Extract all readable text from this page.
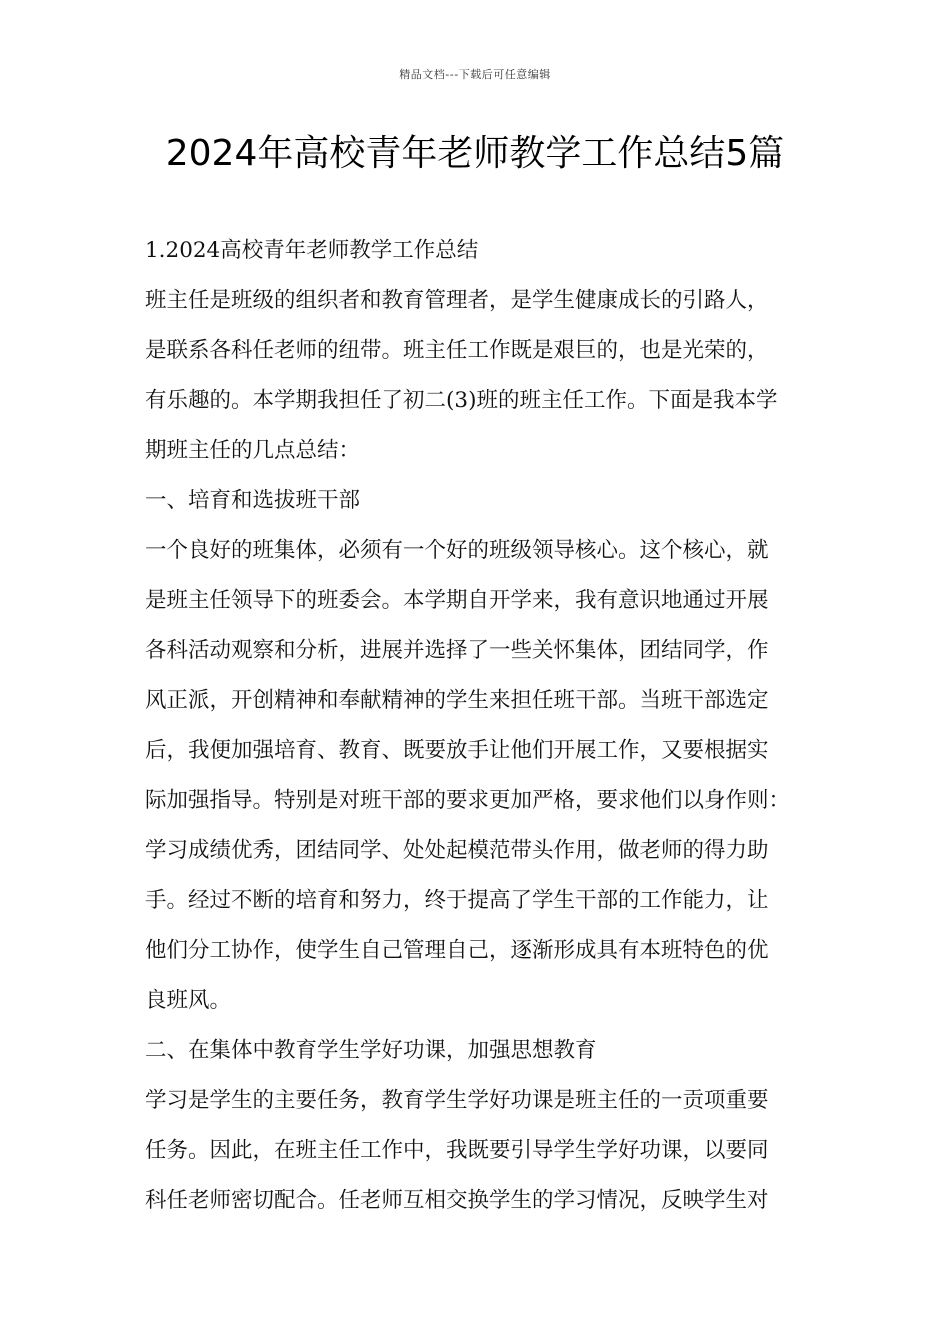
精品文档---下载后可任意编辑
2024年高校青年老师教学工作总结5篇
1.2024高校青年老师教学工作总结
班主任是班级的组织者和教育管理者，是学生健康成长的引路人，
是联系各科任老师的纽带。班主任工作既是艰巨的，也是光荣的，
有乐趣的。本学期我担任了初二(3)班的班主任工作。下面是我本学
期班主任的几点总结：
一、培育和选拔班干部
一个良好的班集体，必须有一个好的班级领导核心。这个核心，就
是班主任领导下的班委会。本学期自开学来，我有意识地通过开展
各科活动观察和分析，进展并选择了一些关怀集体，团结同学，作
风正派，开创精神和奉献精神的学生来担任班干部。当班干部选定
后，我便加强培育、教育、既要放手让他们开展工作，又要根据实
际加强指导。特别是对班干部的要求更加严格，要求他们以身作则：
学习成绩优秀，团结同学、处处起模范带头作用，做老师的得力助
手。经过不断的培育和努力，终于提高了学生干部的工作能力，让
他们分工协作，使学生自己管理自己，逐渐形成具有本班特色的优
良班风。
二、在集体中教育学生学好功课，加强思想教育
学习是学生的主要任务，教育学生学好功课是班主任的一贡项重要
任务。因此，在班主任工作中，我既要引导学生学好功课，以要同
科任老师密切配合。任老师互相交换学生的学习情况，反映学生对
